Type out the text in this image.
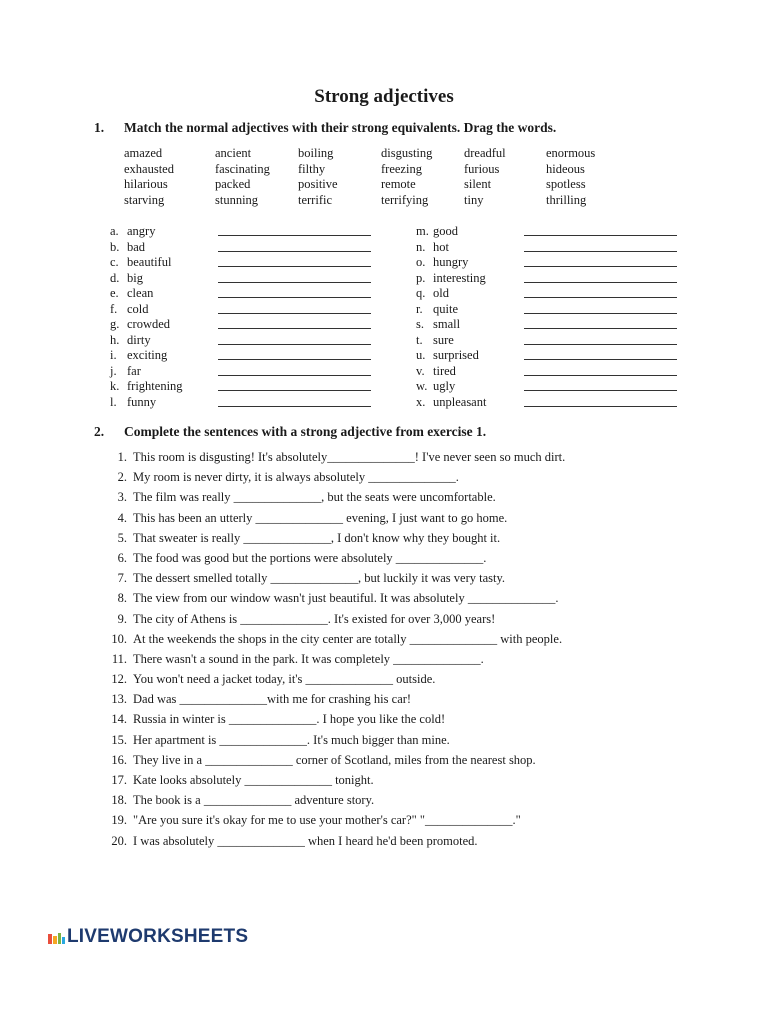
Strong adjectives
1. Match the normal adjectives with their strong equivalents. Drag the words.
amazed	ancient	boiling	disgusting	dreadful	enormous
exhausted	fascinating	filthy	freezing	furious	hideous
hilarious	packed	positive	remote	silent	spotless
starving	stunning	terrific	terrifying	tiny	thrilling
a. angry
b. bad
c. beautiful
d. big
e. clean
f. cold
g. crowded
h. dirty
i. exciting
j. far
k. frightening
l. funny
m. good
n. hot
o. hungry
p. interesting
q. old
r. quite
s. small
t. sure
u. surprised
v. tired
w. ugly
x. unpleasant
2. Complete the sentences with a strong adjective from exercise 1.
1. This room is disgusting! It's absolutely______________! I've never seen so much dirt.
2. My room is never dirty, it is always absolutely ______________.
3. The film was really ______________, but the seats were uncomfortable.
4. This has been an utterly ______________ evening, I just want to go home.
5. That sweater is really ______________, I don't know why they bought it.
6. The food was good but the portions were absolutely ______________.
7. The dessert smelled totally ______________, but luckily it was very tasty.
8. The view from our window wasn't just beautiful. It was absolutely ______________.
9. The city of Athens is ______________. It's existed for over 3,000 years!
10. At the weekends the shops in the city center are totally ______________ with people.
11. There wasn't a sound in the park. It was completely ______________.
12. You won't need a jacket today, it's ______________ outside.
13. Dad was ______________with me for crashing his car!
14. Russia in winter is ______________. I hope you like the cold!
15. Her apartment is ______________. It's much bigger than mine.
16. They live in a ______________ corner of Scotland, miles from the nearest shop.
17. Kate looks absolutely ______________ tonight.
18. The book is a ______________ adventure story.
19. "Are you sure it's okay for me to use your mother's car?" "______________."
20. I was absolutely ______________ when I heard he'd been promoted.
LIVEWORKSHEETS
